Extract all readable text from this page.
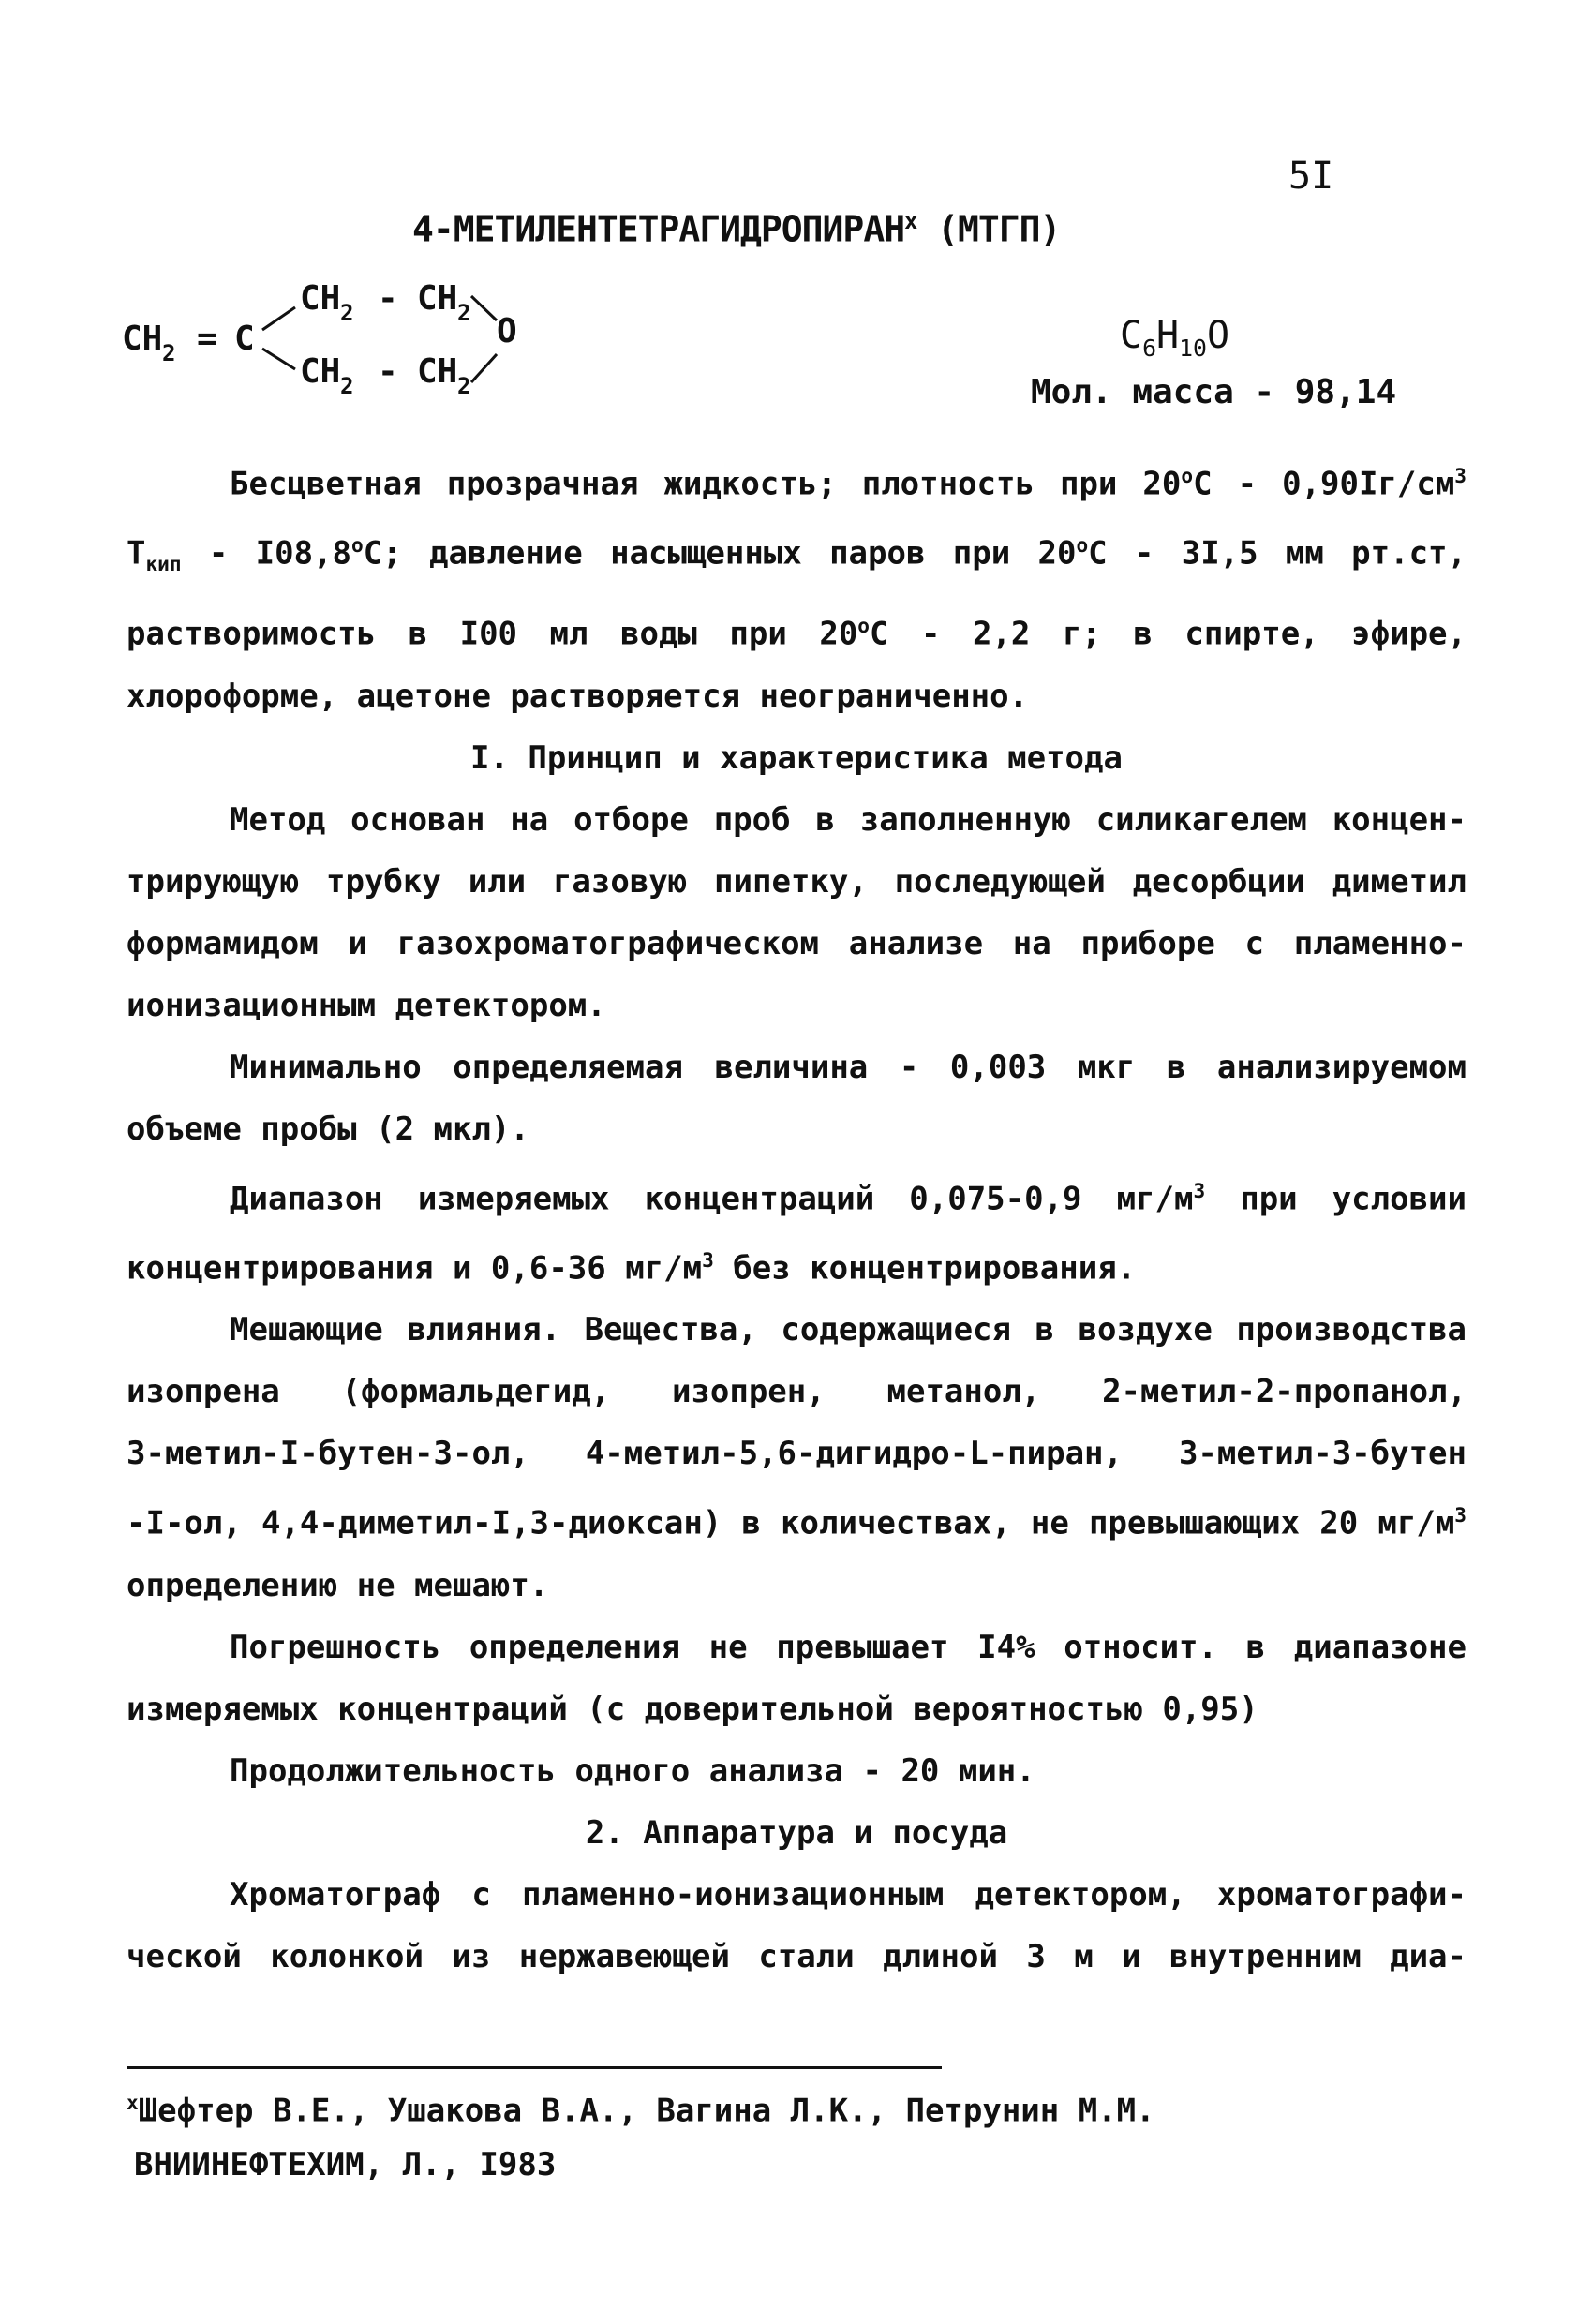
5I
4-МЕТИЛЕНТЕТРАГИДРОПИРАН$^x$ (МТГП)
CH 2 = C
CH 2 - CH 2 O
CH 2 - CH 2
$C_6H_{10}O$
Мол. масса - 98,14

Бесцветная прозрачная жидкость; плотность при $20^oС - 0,90Iг/см^3$

$Т_{кип} - I08,8^oС$; давление насыщенных паров при 20$^o$С - 3I,5 мм рт.ст,

растворимость в I00 мл воды при 20$^o$С - 2,2 г; в спирте, эфире,

хлороформе, ацетоне растворяется неограниченно.

I. Принцип и характеристика метода

Метод основан на отборе проб в заполненную силикагелем концен-

трирующую трубку или газовую пипетку, последующей десорбции диметил

формамидом и газохроматографическом анализе на приборе с пламенно-

ионизационным детектором.

Минимально определяемая величина - 0,003 мкг в анализируемом

объеме пробы (2 мкл).

Диапазон измеряемых концентраций 0,075-0,9 $мг/м^3$ при условии

концентрирования и 0,6-36 $мг/м^3$ без концентрирования.

Мешающие влияния. Вещества, содержащиеся в воздухе производства

изопрена (формальдегид, изопрен, метанол, 2-метил-2-пропанол,

3-метил-I-бутен-3-ол, 4-метил-5,6-дигидро-L-пиран, 3-метил-3-бутен

-I-ол, 4,4-диметил-I,3-диоксан) в количествах, не превышающих 20 $мг/м^3$

определению не мешают.

Погрешность определения не превышает I4% относит. в диапазоне

измеряемых концентраций (с доверительной вероятностью 0,95)

Продолжительность одного анализа - 20 мин.

2. Аппаратура и посуда

Хроматограф с пламенно-ионизационным детектором, хроматографи-

ческой колонкой из нержавеющей стали длиной 3 м и внутренним диа-

$^x$Шефтер В.Е., Ушакова В.А., Вагина Л.К., Петрунин М.М.
ВНИИНЕФТЕХИМ, Л., I983
